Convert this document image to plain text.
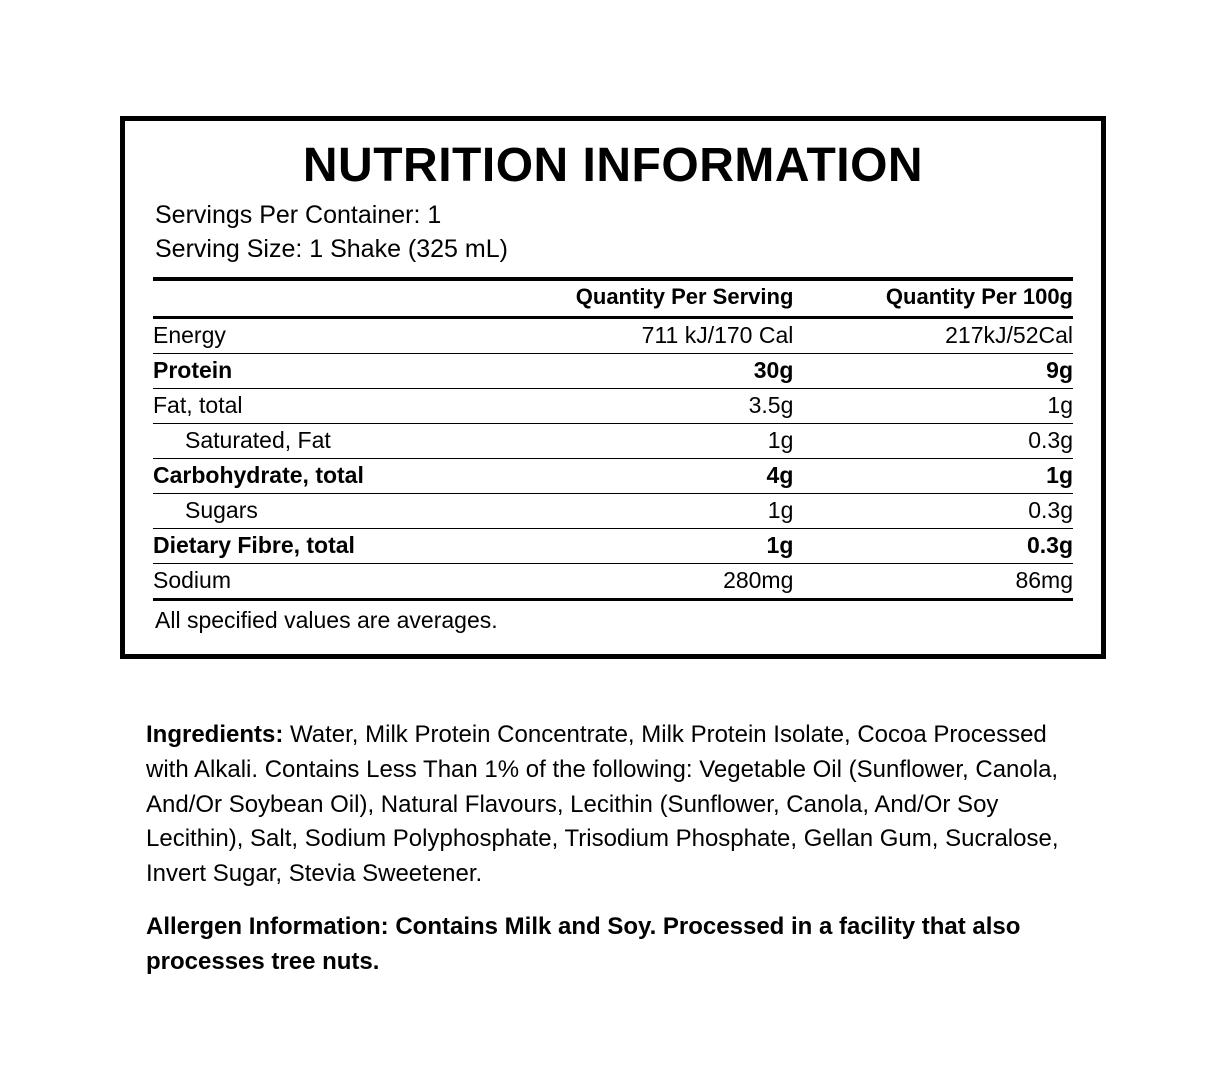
NUTRITION INFORMATION
Servings Per Container: 1
Serving Size: 1 Shake (325 mL)
	Quantity Per Serving	Quantity Per 100g
Energy	711 kJ/170 Cal	217kJ/52Cal
Protein	30g	9g
Fat, total	3.5g	1g
Saturated, Fat	1g	0.3g
Carbohydrate, total	4g	1g
Sugars	1g	0.3g
Dietary Fibre, total	1g	0.3g
Sodium	280mg	86mg
All specified values are averages.

Ingredients: Water, Milk Protein Concentrate, Milk Protein Isolate, Cocoa Processed with Alkali. Contains Less Than 1% of the following: Vegetable Oil (Sunflower, Canola, And/Or Soybean Oil), Natural Flavours, Lecithin (Sunflower, Canola, And/Or Soy Lecithin), Salt, Sodium Polyphosphate, Trisodium Phosphate, Gellan Gum, Sucralose, Invert Sugar, Stevia Sweetener.

Allergen Information: Contains Milk and Soy. Processed in a facility that also processes tree nuts.
